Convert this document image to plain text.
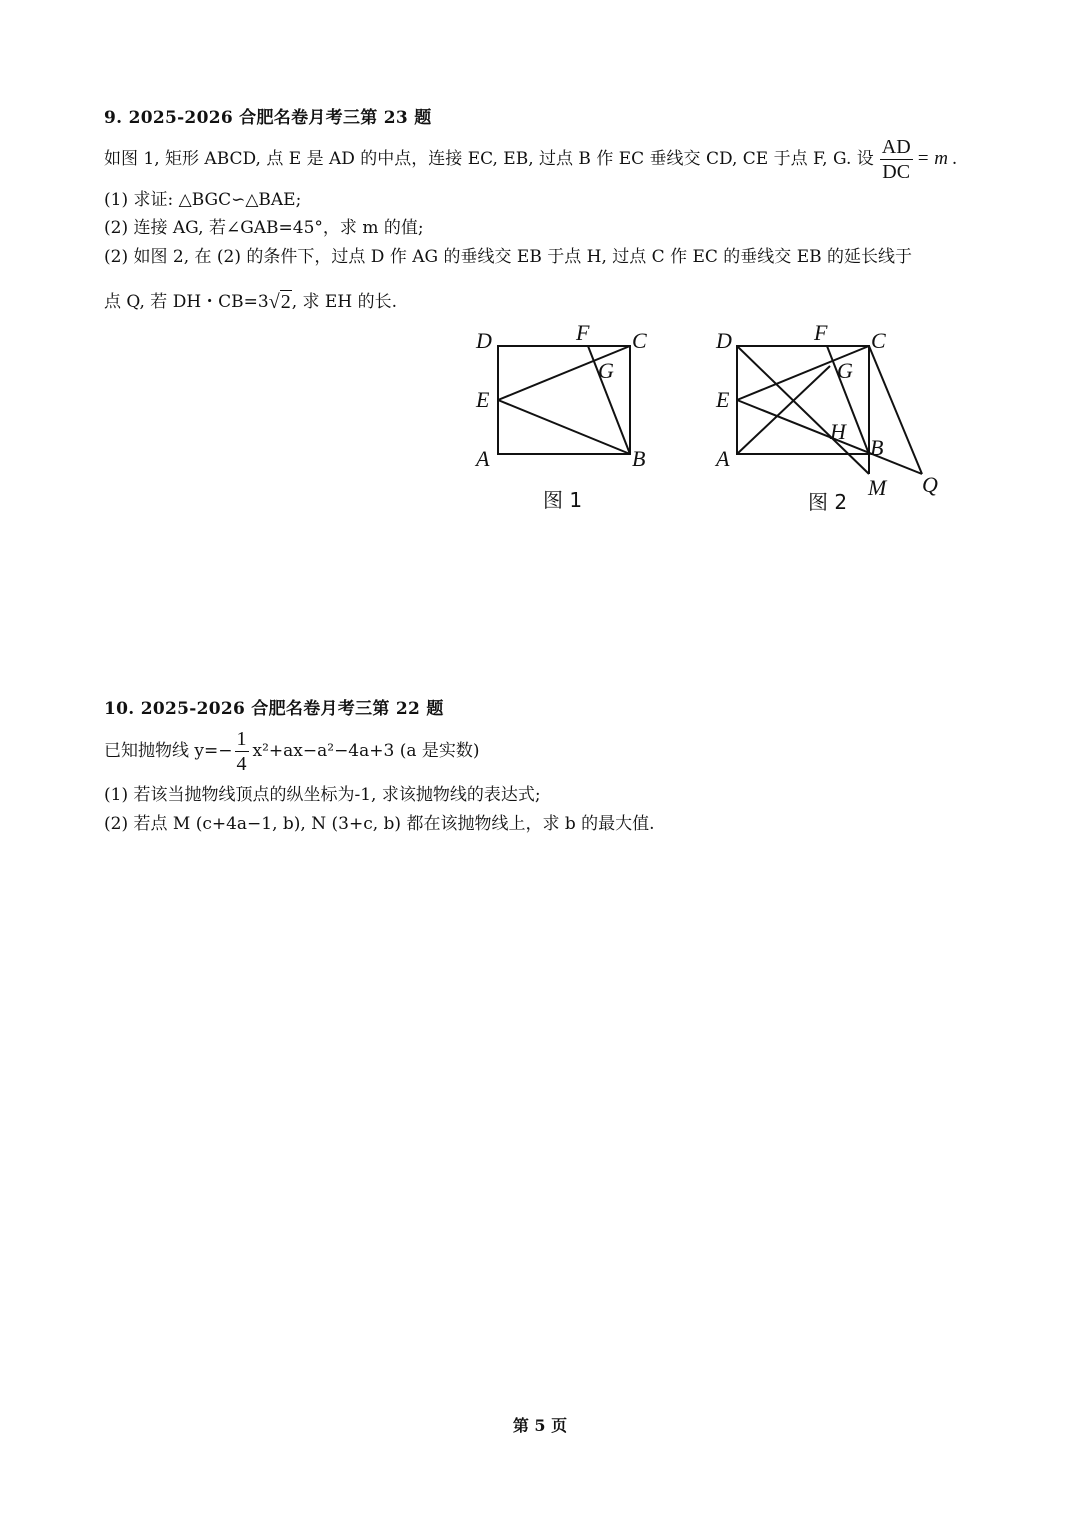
9. 2025-2026 合肥名卷月考三第 23 题
如图 1, 矩形 ABCD, 点 E 是 AD 的中点，连接 EC, EB, 过点 B 作 EC 垂线交 CD, CE 于点 F, G. 设 $\frac{AD}{DC} = m$ .
(1) 求证: △BGC∽△BAE;
(2) 连接 AG, 若∠GAB=45°，求 m 的值;
(2) 如图 2, 在 (2) 的条件下，过点 D 作 AG 的垂线交 EB 于点 H, 过点 C 作 EC 的垂线交 EB 的延长线于
点 Q, 若 DH・CB=3 √2 , 求 EH 的长.
D	F C
G
E
A	B
图 1
D	F C
G
E
H
B
A
M Q
图 2
10. 2025-2026 合肥名卷月考三第 22 题
已知抛物线 $y=- \frac{1}{4} x^2+ax-a^2-4a+3$ (a 是实数)
(1) 若该当抛物线顶点的纵坐标为-1, 求该抛物线的表达式;
(2) 若点 M (c+4a−1, b), N (3+c, b) 都在该抛物线上，求 b 的最大值.
第 5 页
